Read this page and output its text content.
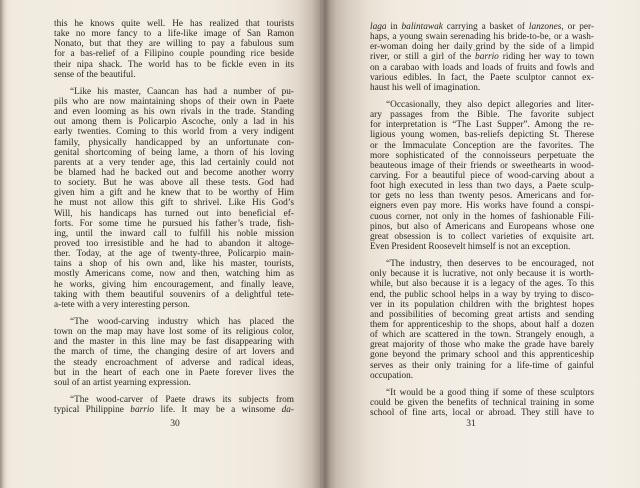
this he knows quite well. He has realized that tourists
take no more fancy to a life-like image of San Ramon
Nonato, but that they are willing to pay a fabulous sum
for a bas-relief of a Filipino couple pounding rice beside
their nipa shack. The world has to be fickle even in its
sense of the beautiful.
“Like his master, Caancan has had a number of pu-
pils who are now maintaining shops of their own in Paete
and even looming as his own rivals in the trade. Standing
out among them is Policarpio Ascoche, only a lad in his
early twenties. Coming to this world from a very indigent
family, physically handicapped by an unfortunate con-
genital shortcoming of being lame, a thorn of his loving
parents at a very tender age, this lad certainly could not
be blamed had he backed out and become another worry
to society. But he was above all these tests. God had
given him a gift and he knew that to be worthy of Him
he must not allow this gift to shrivel. Like His God’s
Will, his handicaps has turned out into beneficial ef-
forts. For some time he pursued his father’s trade, fish-
ing, until the inward call to fulfill his noble mission
proved too irresistible and he had to abandon it altoge-
ther. Today, at the age of twenty-three, Policarpio main-
tains a shop of his own and, like his master, tourists,
mostly Americans come, now and then, watching him as
he works, giving him encouragement, and finally leave,
taking with them beautiful souvenirs of a delightful tete-
a-tete with a very interesting person.
“The wood-carving industry which has placed the
town on the map may have lost some of its religious color,
and the master in this line may be fast disappearing with
the march of time, the changing desire of art lovers and
the steady encroachment of adverse and radical ideas,
but in the heart of each one in Paete forever lives the
soul of an artist yearning expression.
“The wood-carver of Paete draws its subjects from
typical Philippine barrio life. It may be a winsome da-
30
laga in balintawak carrying a basket of lanzones, or per-
haps, a young swain serenading his bride-to-be, or a wash-
er-woman doing her dailyˌgrind by the side of a limpid
river, or still a girl of the barrio riding her way to town
on a carabao with loads and loads of fruits and fowls and
various edibles. In fact, the Paete sculptor cannot ex-
haust his well of imagination.
“Occasionally, they also depict allegories and liter-
ary passages from the Bible. The favorite subject
for interpretation is “The Last Supper”. Among the re-
ligious young women, bas-reliefs depicting St. Therese
or the Immaculate Conception are the favorites. The
more sophisticated of the connoisseurs perpetuate the
beauteous image of their friends or sweethearts in wood-
carving. For a beautiful piece of wood-carving about a
foot high executed in less than two days, a Paete sculp-
tor gets no less than twenty pesos. Americans and for-
eigners even pay more. His works have found a conspi-
cuous corner, not only in the homes of fashionable Fili-
pinos, but also of Americans and Europeans whose one
great obsession is to collect varieties of exquisite art.
Even President Roosevelt himself is not an exception.
“The industry, then deserves to be encouraged, not
only because it is lucrative, not only because it is worth-
while, but also because it is a legacy of the ages. To this
end, the public school helps in a way by trying to disco-
ver in its population children with the brightest hopes
and possibilities of becoming great artists and sending
them for apprenticeship to the shops, about half a dozen
of which are scattered in the town. Strangely enough, a
great majority of those who make the grade have barely
gone beyond the primary school and this apprenticeship
serves as their only training for a life-time of gainful
occupation.
“It would be a good thing if some of these sculptors
could be given the benefits of technical training in some
school of fine arts, local or abroad. They still have to
31
